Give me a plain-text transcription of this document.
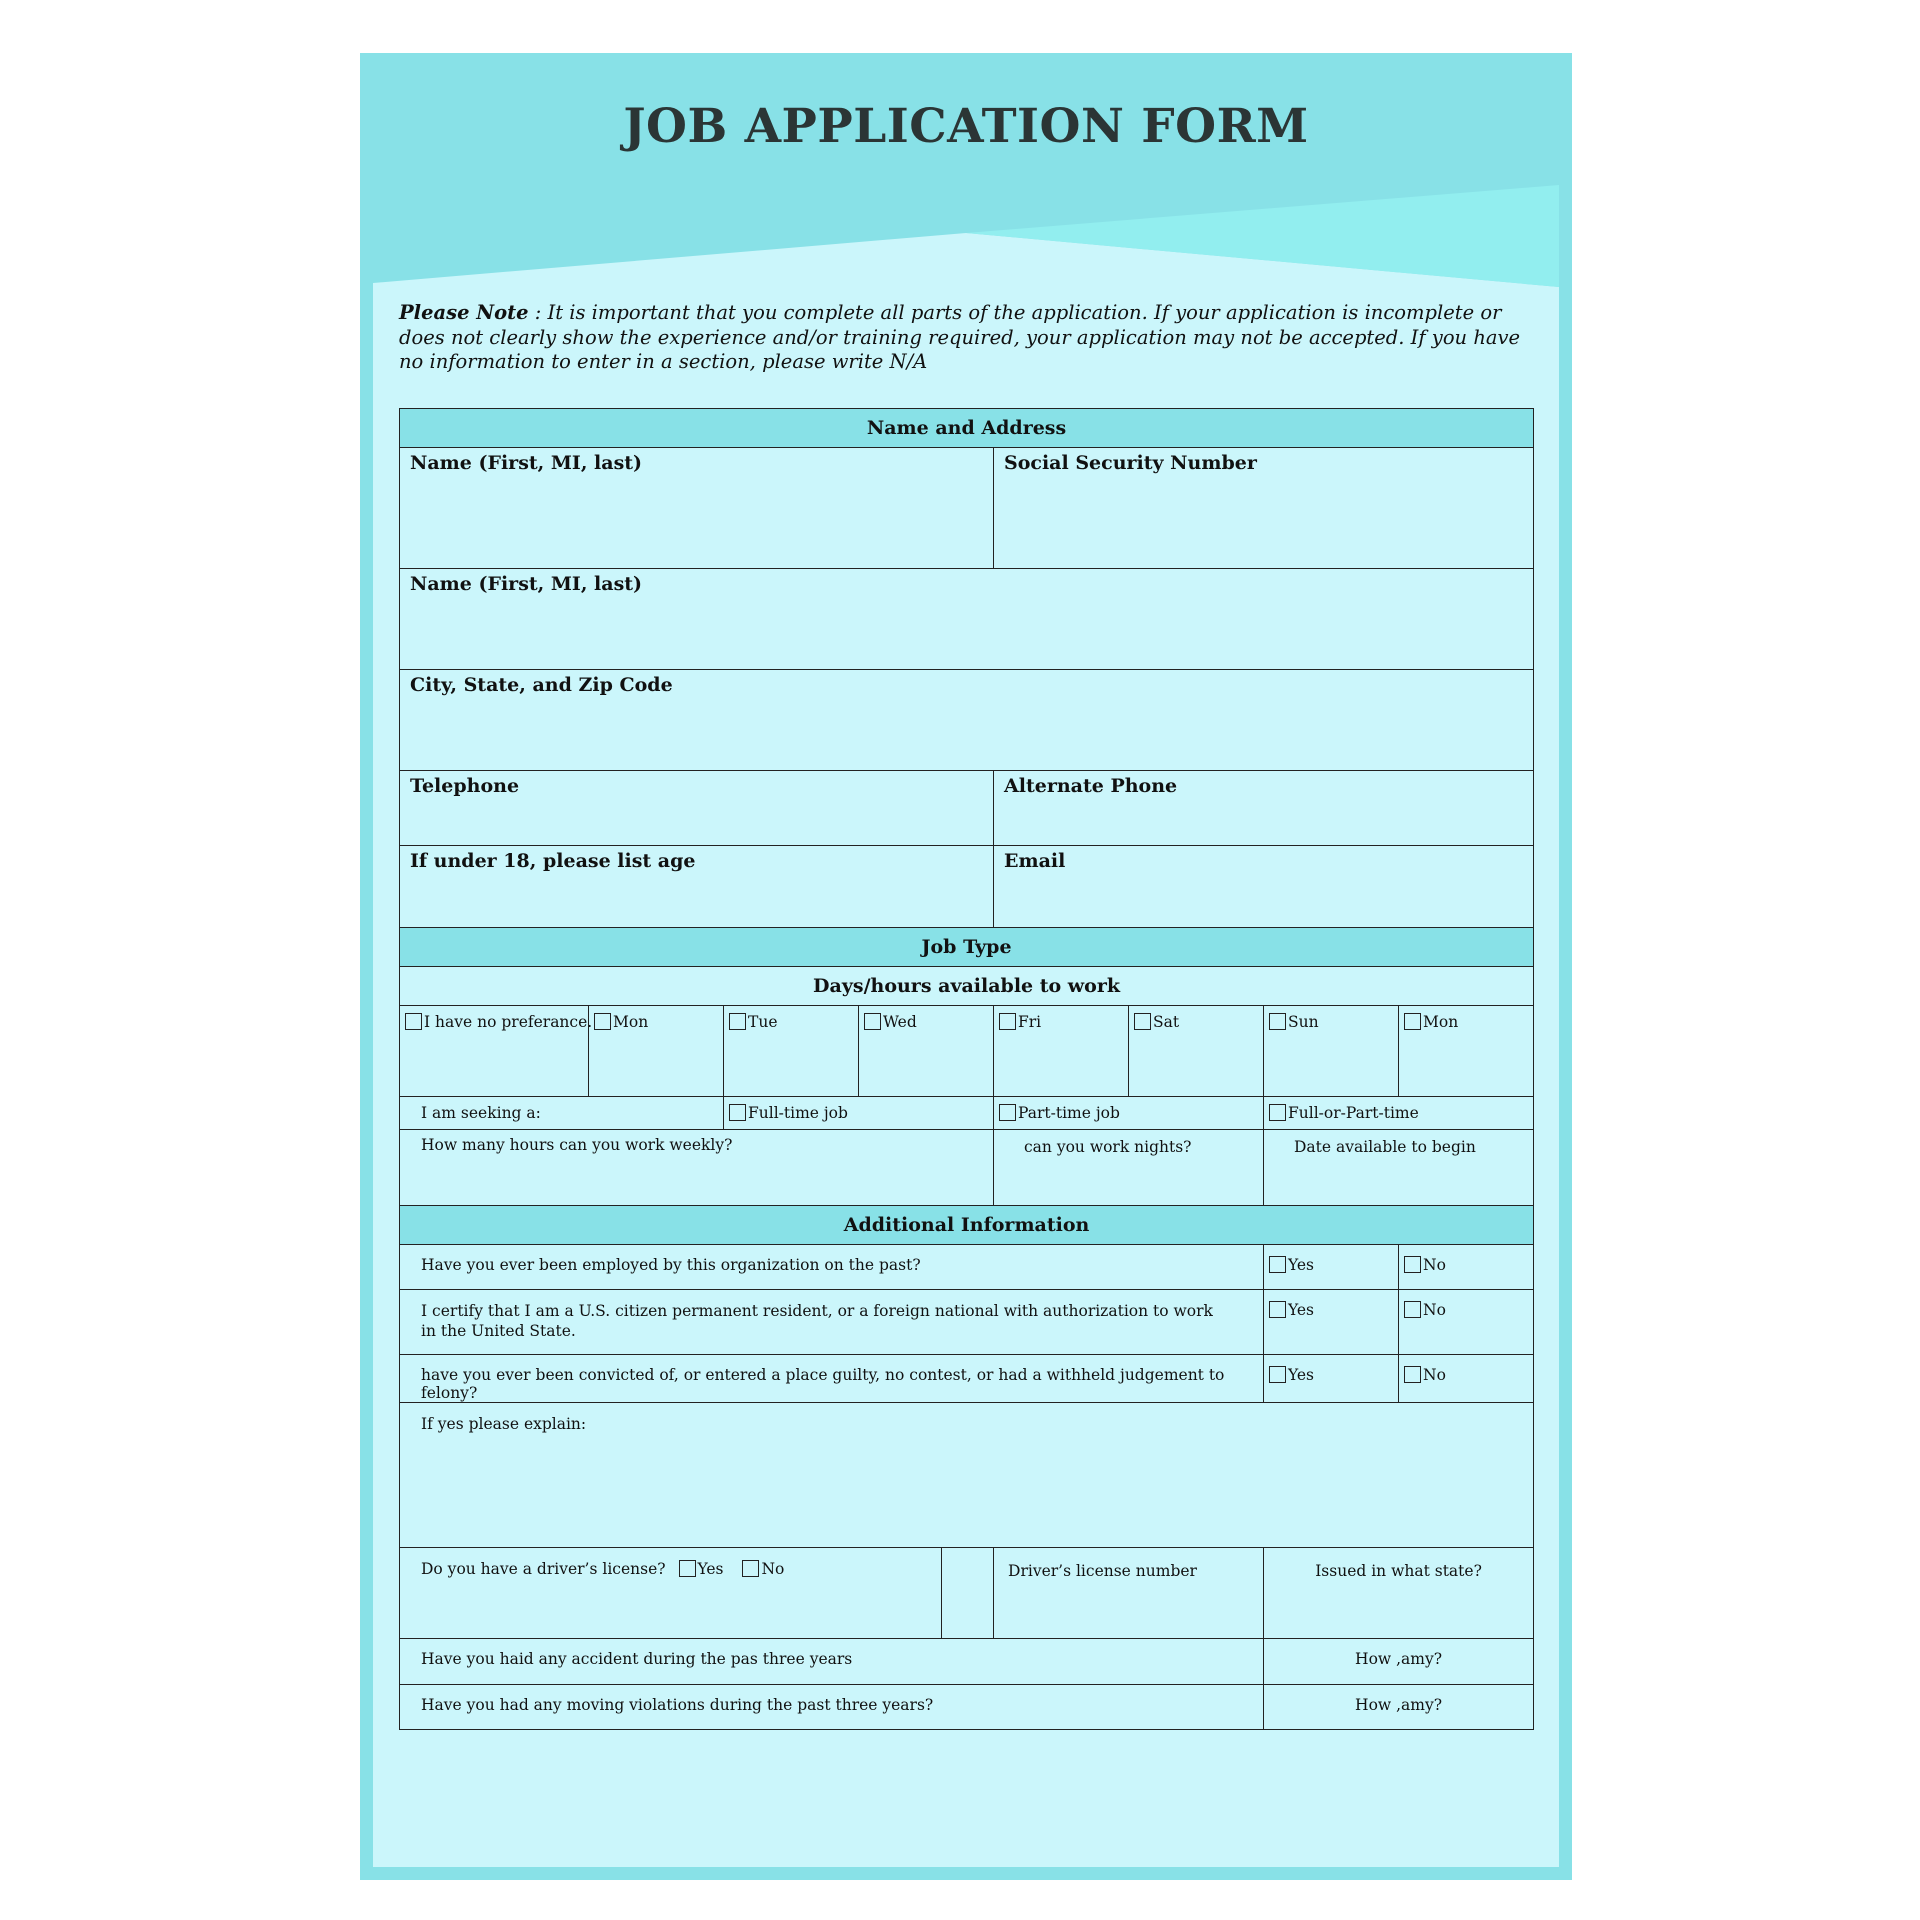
JOB APPLICATION FORM

Please Note : It is important that you complete all parts of the application. If your application is incomplete or does not clearly show the experience and/or training required, your application may not be accepted. If you have no information to enter in a section, please write N/A

Name and Address							
Name (First, MI, last)				Social Security Number			
Name (First, MI, last)							
City, State, and Zip Code							
Telephone				Alternate Phone			
If under 18, please list age				Email			
Job Type							
Days/hours available to work							
I have no preferance.	Mon	Tue	Wed	Fri	Sat	Sun	Mon
I am seeking a:		Full-time job		Part-time job		Full-or-Part-time	
How many hours can you work weekly?				can you work nights?		Date available to begin	
Additional Information							
Have you ever been employed by this organization on the past?						Yes	No
I certify that I am a U.S. citizen permanent resident, or a foreign national with authorization to work
in the United State.						Yes	No
have you ever been convicted of, or entered a place guilty, no contest, or had a withheld judgement to felony?						Yes	No
If yes please explain:							
Do you have a driver’s license? Yes No				Driver’s license number		Issued in what state?	
Have you haid any accident during the pas three years						How ,amy?	
Have you had any moving violations during the past three years?						How ,amy?	
